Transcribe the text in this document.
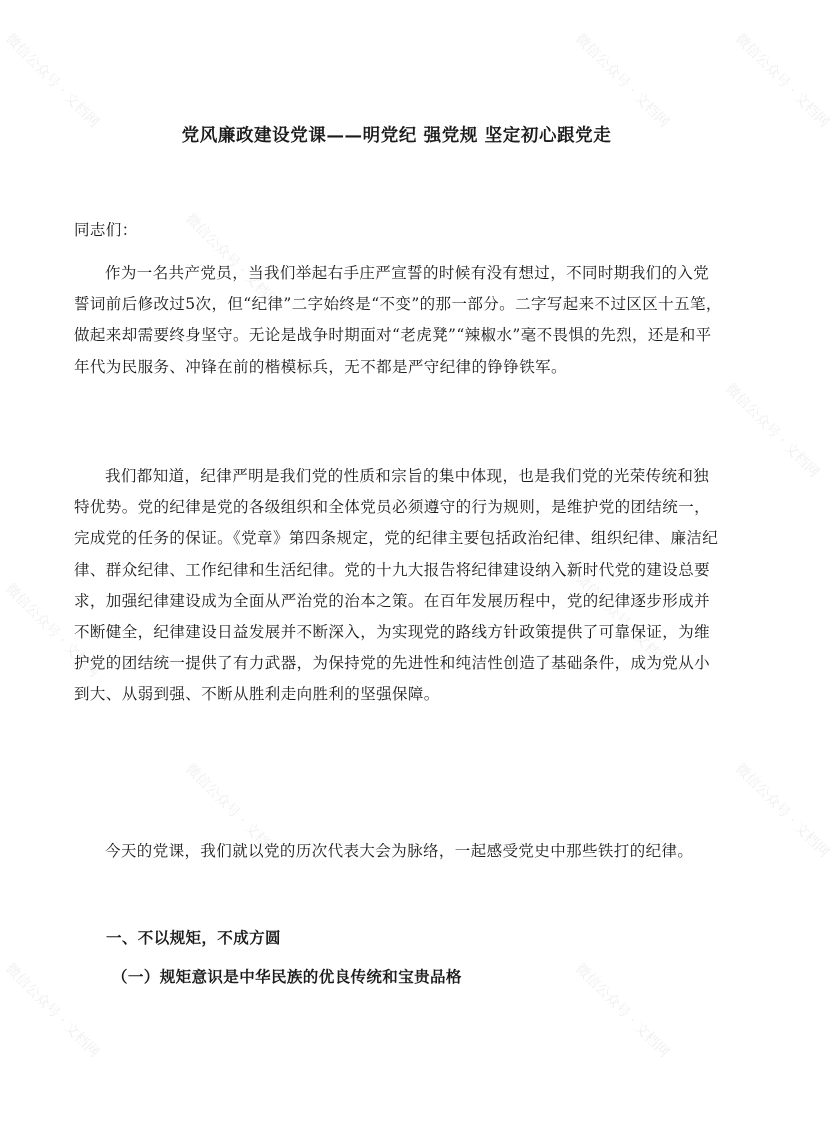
微信公众号 · 文档网	微信公众号 · 文档网	微信公众号 · 文档网
微信公众号 · 文档网
微信公众号 · 文档网
微信公众号 · 文档网	微信公众号 · 文档网
微信公众号 · 文档网	微信公众号 · 文档网
微信公众号 · 文档网	微信公众号 · 文档网
党风廉政建设党课——明党纪 强党规 坚定初心跟党走

同志们：

作为一名共产党员，当我们举起右手庄严宣誓的时候有没有想过，不同时期我们的入党誓词前后修改过5次，但“纪律”二字始终是“不变”的那一部分。二字写起来不过区区十五笔，做起来却需要终身坚守。无论是战争时期面对“老虎凳”“辣椒水”毫不畏惧的先烈，还是和平年代为民服务、冲锋在前的楷模标兵，无不都是严守纪律的铮铮铁军。

我们都知道，纪律严明是我们党的性质和宗旨的集中体现，也是我们党的光荣传统和独特优势。党的纪律是党的各级组织和全体党员必须遵守的行为规则，是维护党的团结统一，完成党的任务的保证。《党章》第四条规定，党的纪律主要包括政治纪律、组织纪律、廉洁纪律、群众纪律、工作纪律和生活纪律。党的十九大报告将纪律建设纳入新时代党的建设总要求，加强纪律建设成为全面从严治党的治本之策。在百年发展历程中，党的纪律逐步形成并不断健全，纪律建设日益发展并不断深入，为实现党的路线方针政策提供了可靠保证，为维护党的团结统一提供了有力武器，为保持党的先进性和纯洁性创造了基础条件，成为党从小到大、从弱到强、不断从胜利走向胜利的坚强保障。

今天的党课，我们就以党的历次代表大会为脉络，一起感受党史中那些铁打的纪律。

一、不以规矩，不成方圆
（一）规矩意识是中华民族的优良传统和宝贵品格
